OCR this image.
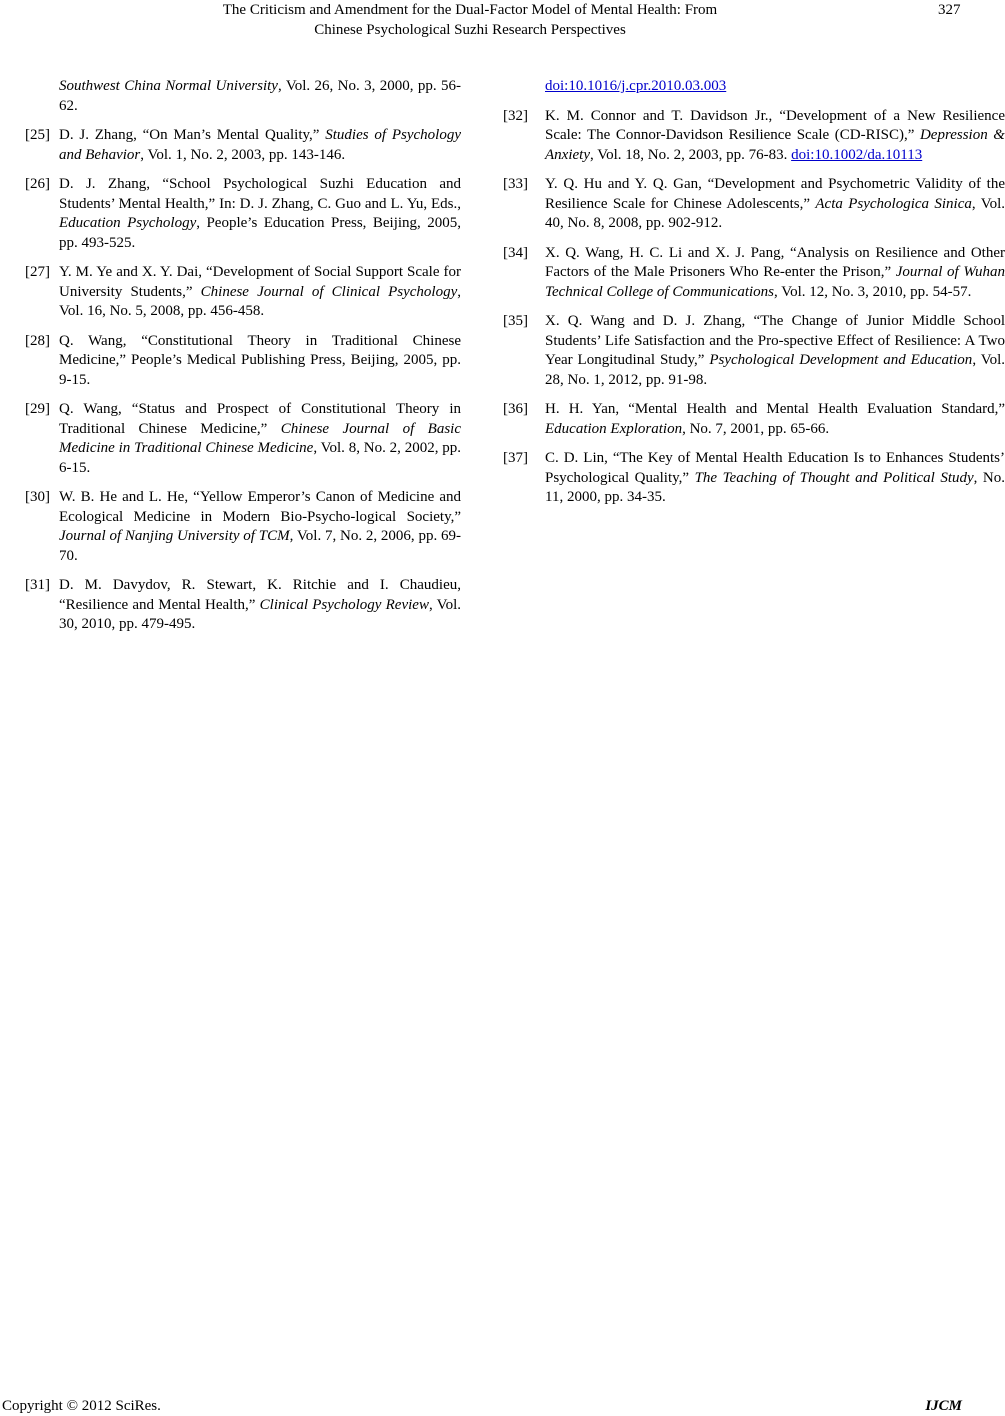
The Criticism and Amendment for the Dual-Factor Model of Mental Health: From
Chinese Psychological Suzhi Research Perspectives
327
Southwest China Normal University, Vol. 26, No. 3, 2000, pp. 56-62.
[25] D. J. Zhang, “On Man’s Mental Quality,” Studies of Psychology and Behavior, Vol. 1, No. 2, 2003, pp. 143-146.
[26] D. J. Zhang, “School Psychological Suzhi Education and Students’ Mental Health,” In: D. J. Zhang, C. Guo and L. Yu, Eds., Education Psychology, People’s Education Press, Beijing, 2005, pp. 493-525.
[27] Y. M. Ye and X. Y. Dai, “Development of Social Support Scale for University Students,” Chinese Journal of Clinical Psychology, Vol. 16, No. 5, 2008, pp. 456-458.
[28] Q. Wang, “Constitutional Theory in Traditional Chinese Medicine,” People’s Medical Publishing Press, Beijing, 2005, pp. 9-15.
[29] Q. Wang, “Status and Prospect of Constitutional Theory in Traditional Chinese Medicine,” Chinese Journal of Basic Medicine in Traditional Chinese Medicine, Vol. 8, No. 2, 2002, pp. 6-15.
[30] W. B. He and L. He, “Yellow Emperor’s Canon of Medicine and Ecological Medicine in Modern Bio-Psycho-logical Society,” Journal of Nanjing University of TCM, Vol. 7, No. 2, 2006, pp. 69-70.
[31] D. M. Davydov, R. Stewart, K. Ritchie and I. Chaudieu, “Resilience and Mental Health,” Clinical Psychology Review, Vol. 30, 2010, pp. 479-495.
doi:10.1016/j.cpr.2010.03.003
[32] K. M. Connor and T. Davidson Jr., “Development of a New Resilience Scale: The Connor-Davidson Resilience Scale (CD-RISC),” Depression & Anxiety, Vol. 18, No. 2, 2003, pp. 76-83. doi:10.1002/da.10113
[33] Y. Q. Hu and Y. Q. Gan, “Development and Psychometric Validity of the Resilience Scale for Chinese Adolescents,” Acta Psychologica Sinica, Vol. 40, No. 8, 2008, pp. 902-912.
[34] X. Q. Wang, H. C. Li and X. J. Pang, “Analysis on Resilience and Other Factors of the Male Prisoners Who Re-enter the Prison,” Journal of Wuhan Technical College of Communications, Vol. 12, No. 3, 2010, pp. 54-57.
[35] X. Q. Wang and D. J. Zhang, “The Change of Junior Middle School Students’ Life Satisfaction and the Pro-spective Effect of Resilience: A Two Year Longitudinal Study,” Psychological Development and Education, Vol. 28, No. 1, 2012, pp. 91-98.
[36] H. H. Yan, “Mental Health and Mental Health Evaluation Standard,” Education Exploration, No. 7, 2001, pp. 65-66.
[37] C. D. Lin, “The Key of Mental Health Education Is to Enhances Students’ Psychological Quality,” The Teaching of Thought and Political Study, No. 11, 2000, pp. 34-35.
Copyright © 2012 SciRes.	IJCM
